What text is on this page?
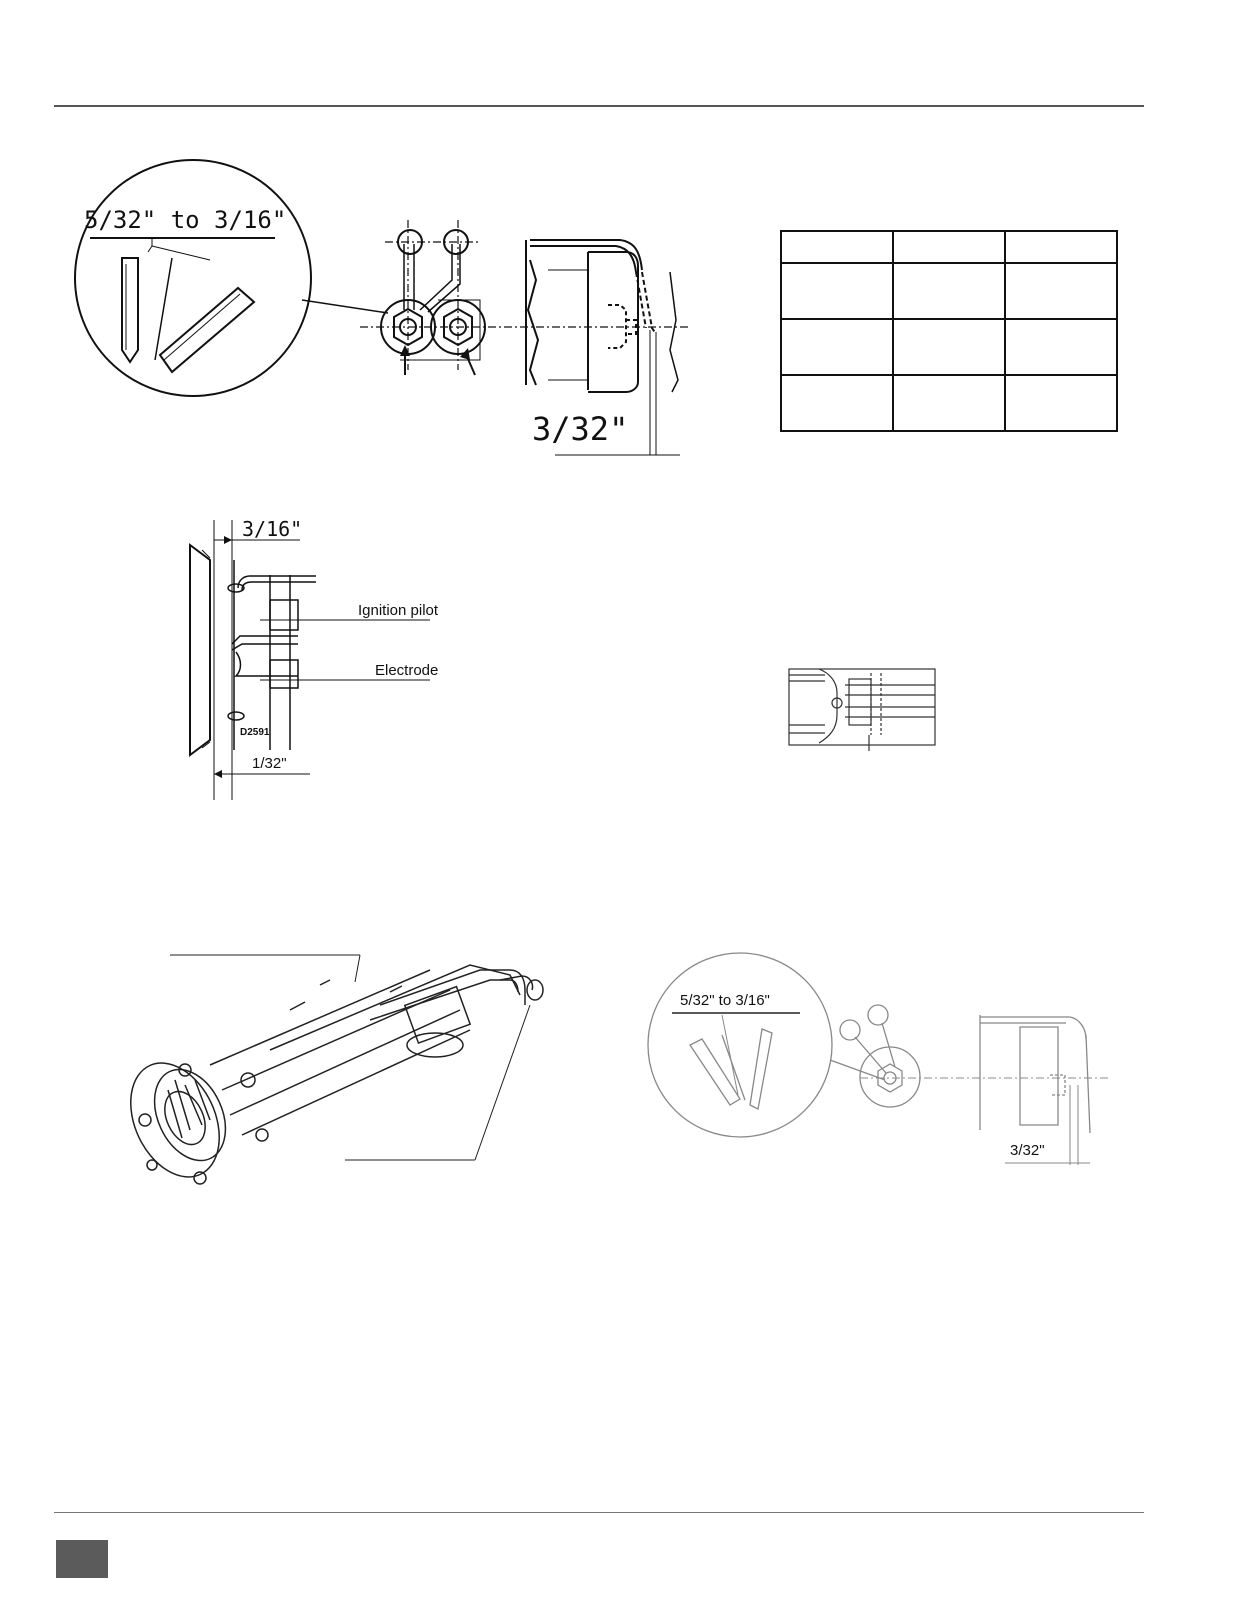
5/32" to 3/16"
3/32"

3/16"
Ignition pilot
Electrode
D2591
1/32"
5/32" to 3/16"
3/32"
